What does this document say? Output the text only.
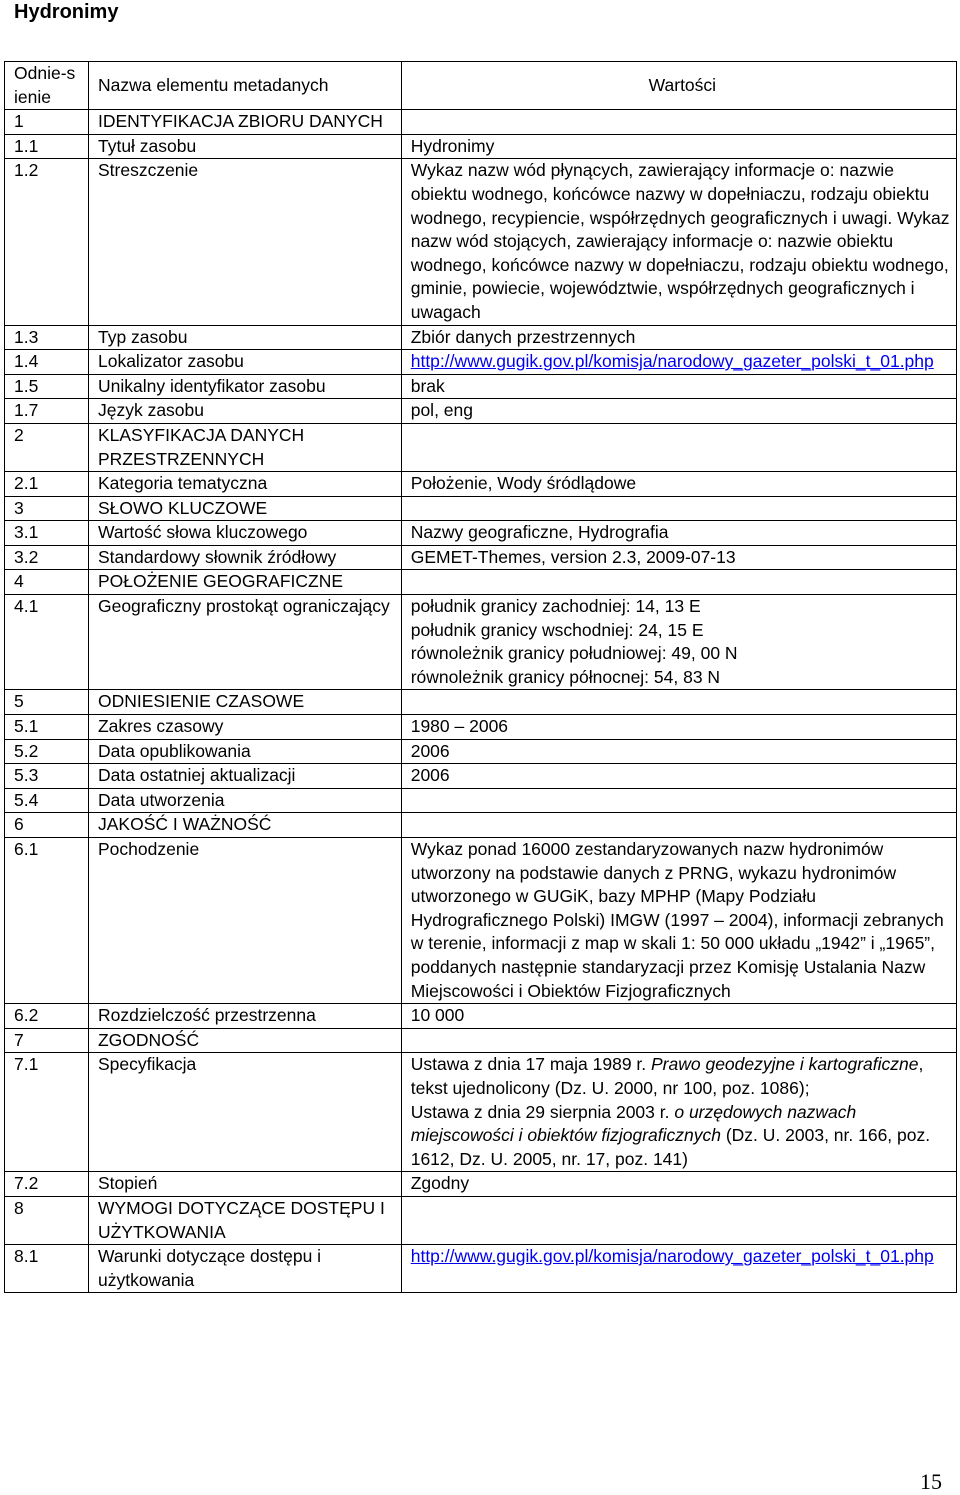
Hydronimy
Odnie-sienie	Nazwa elementu metadanych	Wartości
1	IDENTYFIKACJA ZBIORU DANYCH	
1.1	Tytuł zasobu	Hydronimy

1.2	Streszczenie	Wykaz nazw wód płynących, zawierający informacje o: nazwie obiektu wodnego, końcówce nazwy w dopełniaczu, rodzaju obiektu wodnego, recypiencie, współrzędnych geograficznych i uwagi. Wykaz nazw wód stojących, zawierający informacje o: nazwie obiektu wodnego, końcówce nazwy w dopełniaczu, rodzaju obiektu wodnego, gminie, powiecie, województwie, współrzędnych geograficznych i uwagach

1.3	Typ zasobu	Zbiór danych przestrzennych

1.4	Lokalizator zasobu	http://www.gugik.gov.pl/komisja/narodowy_gazeter_polski_t_01.php

1.5	Unikalny identyfikator zasobu	brak

1.7	Język zasobu	pol, eng

2	KLASYFIKACJA DANYCH PRZESTRZENNYCH	
2.1	Kategoria tematyczna	Położenie, Wody śródlądowe

3	SŁOWO KLUCZOWE	
3.1	Wartość słowa kluczowego	Nazwy geograficzne, Hydrografia

3.2	Standardowy słownik źródłowy	GEMET-Themes, version 2.3, 2009-07-13

4	POŁOŻENIE GEOGRAFICZNE	
4.1	Geograficzny prostokąt ograniczający	południk granicy zachodniej: 14, 13 E
południk granicy wschodniej: 24, 15 E
równoleżnik granicy południowej: 49, 00 N
równoleżnik granicy północnej: 54, 83 N

5	ODNIESIENIE CZASOWE	
5.1	Zakres czasowy	1980 – 2006

5.2	Data opublikowania	2006

5.3	Data ostatniej aktualizacji	2006

5.4	Data utworzenia	
6	JAKOŚĆ I WAŻNOŚĆ	
6.1	Pochodzenie	Wykaz ponad 16000 zestandaryzowanych nazw hydronimów utworzony na podstawie danych z PRNG, wykazu hydronimów utworzonego w GUGiK, bazy MPHP (Mapy Podziału Hydrograficznego Polski) IMGW (1997 – 2004), informacji zebranych w terenie, informacji z map w skali 1: 50 000 układu „1942” i „1965”, poddanych następnie standaryzacji przez Komisję Ustalania Nazw Miejscowości i Obiektów Fizjograficznych

6.2	Rozdzielczość przestrzenna	10 000

7	ZGODNOŚĆ	
7.1	Specyfikacja	Ustawa z dnia 17 maja 1989 r. Prawo geodezyjne i kartograficzne, tekst ujednolicony (Dz. U. 2000, nr 100, poz. 1086);
Ustawa z dnia 29 sierpnia 2003 r. o urzędowych nazwach miejscowości i obiektów fizjograficznych (Dz. U. 2003, nr. 166, poz. 1612, Dz. U. 2005, nr. 17, poz. 141)

7.2	Stopień	Zgodny

8	WYMOGI DOTYCZĄCE DOSTĘPU I UŻYTKOWANIA	
8.1	Warunki dotyczące dostępu i użytkowania	http://www.gugik.gov.pl/komisja/narodowy_gazeter_polski_t_01.php
15
